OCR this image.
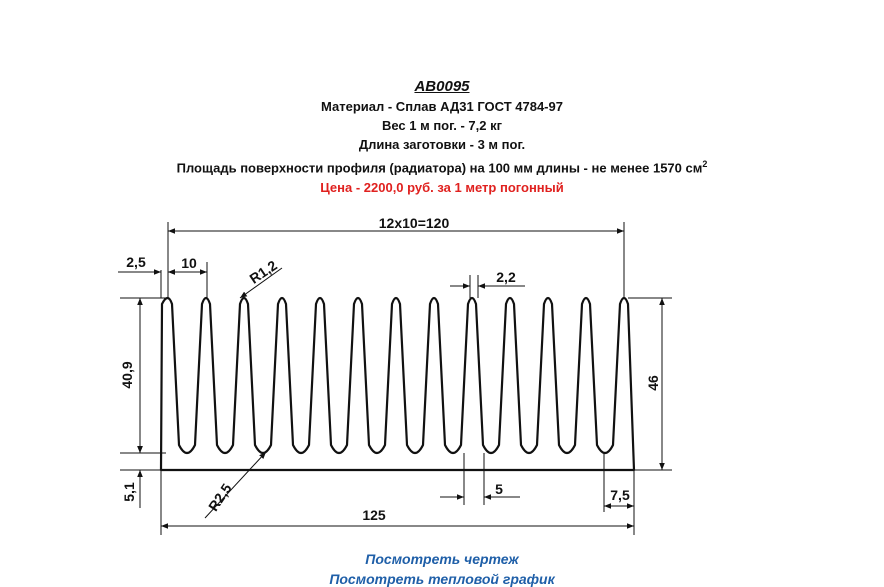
АВ0095
Материал - Сплав АД31 ГОСТ 4784-97
Вес 1 м пог. - 7,2 кг
Длина заготовки - 3 м пог.
Площадь поверхности профиля (радиатора) на 100 мм длины - не менее 1570 $см^2$
Цена - 2200,0 руб. за 1 метр погонный
12x10=120
2,5	10	R1,2	2,2
40,9	46
5,1	R2,5	5	7,5
125
Посмотреть чертеж
Посмотреть тепловой график
